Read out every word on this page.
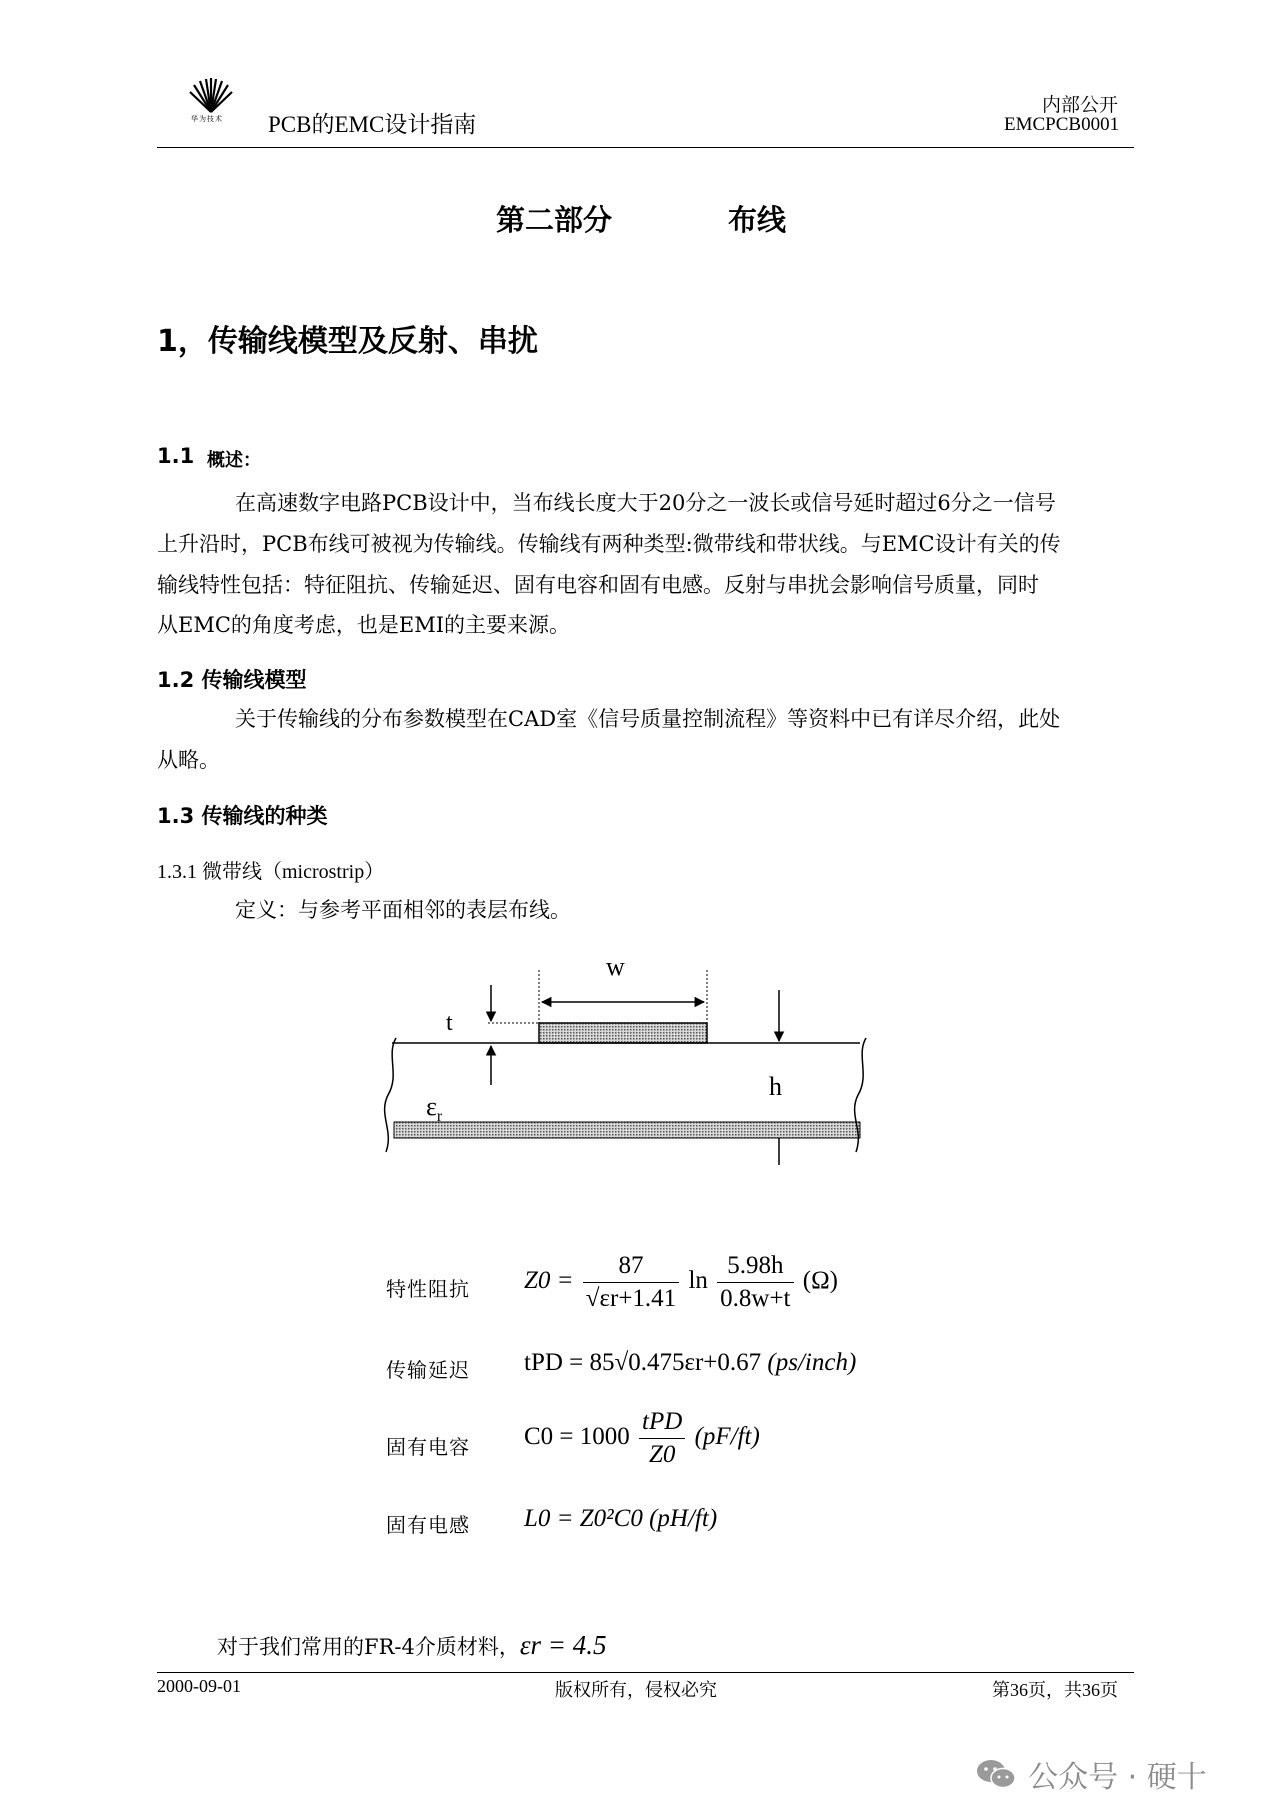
华为技术 PCB的EMC设计指南
内部公开
EMCPCB0001
第二部分	布线
1，传输线模型及反射、串扰
1.1 概述：
在高速数字电路PCB设计中，当布线长度大于20分之一波长或信号延时超过6分之一信号
上升沿时，PCB布线可被视为传输线。传输线有两种类型:微带线和带状线。与EMC设计有关的传
输线特性包括：特征阻抗、传输延迟、固有电容和固有电感。反射与串扰会影响信号质量，同时
从EMC的角度考虑，也是EMI的主要来源。
1.2 传输线模型
关于传输线的分布参数模型在CAD室《信号质量控制流程》等资料中已有详尽介绍，此处
从略。
1.3 传输线的种类
1.3.1 微带线（microstrip）
定义：与参考平面相邻的表层布线。
w
t
h
$\varepsilon_r$
特性阻抗 $Z0 = \frac{87}{√\varepsilon r+1.41}$ $\ln \frac{5.98h}{0.8w+t} (\Omega)$
传输延迟 tPD = 85√0.475εr+0.67 (ps/inch)
固有电容 $C0 = 1000 \frac{\text{tPD}}{Z0} (pF/ft)$
固有电感 L0 = Z0²C0 (pH/ft)
对于我们常用的FR-4介质材料，εr = 4.5
2000-09-01	版权所有，侵权必究	第36页，共36页
公众号 · 硬十
